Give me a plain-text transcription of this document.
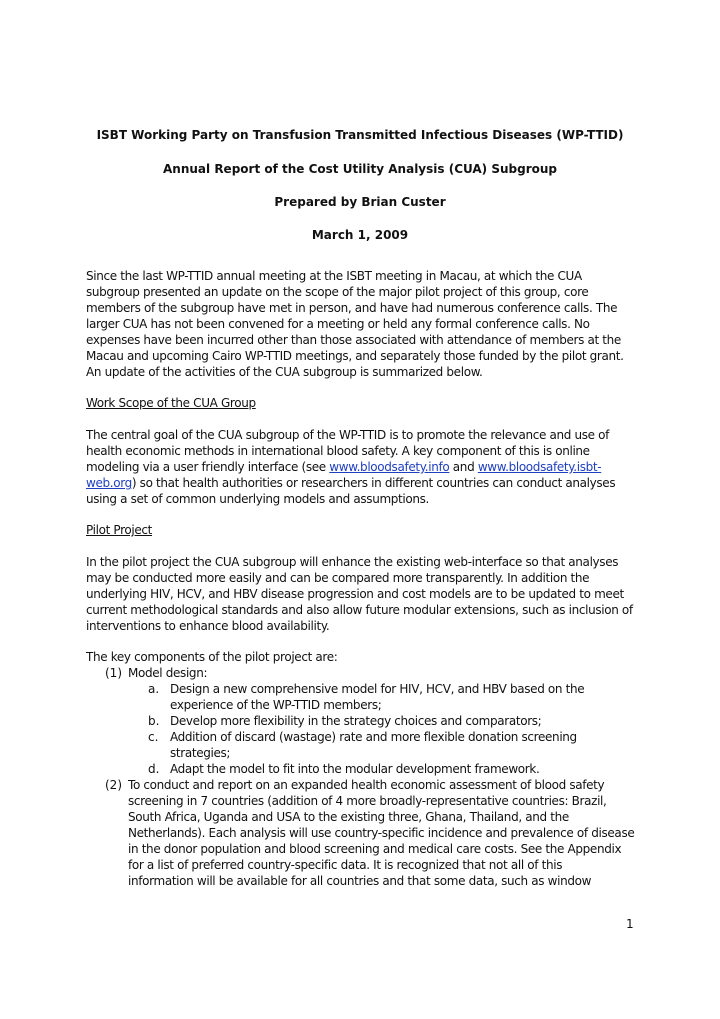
ISBT Working Party on Transfusion Transmitted Infectious Diseases (WP-TTID)
Annual Report of the Cost Utility Analysis (CUA) Subgroup
Prepared by Brian Custer
March 1, 2009
Since the last WP-TTID annual meeting at the ISBT meeting in Macau, at which the CUA
subgroup presented an update on the scope of the major pilot project of this group, core
members of the subgroup have met in person, and have had numerous conference calls. The
larger CUA has not been convened for a meeting or held any formal conference calls. No
expenses have been incurred other than those associated with attendance of members at the
Macau and upcoming Cairo WP-TTID meetings, and separately those funded by the pilot grant.
An update of the activities of the CUA subgroup is summarized below.
Work Scope of the CUA Group
The central goal of the CUA subgroup of the WP-TTID is to promote the relevance and use of
health economic methods in international blood safety. A key component of this is online
modeling via a user friendly interface (see www.bloodsafety.info and www.bloodsafety.isbt-
web.org) so that health authorities or researchers in different countries can conduct analyses
using a set of common underlying models and assumptions.
Pilot Project
In the pilot project the CUA subgroup will enhance the existing web-interface so that analyses
may be conducted more easily and can be compared more transparently. In addition the
underlying HIV, HCV, and HBV disease progression and cost models are to be updated to meet
current methodological standards and also allow future modular extensions, such as inclusion of
interventions to enhance blood availability.
The key components of the pilot project are:
(1) Model design:
a. Design a new comprehensive model for HIV, HCV, and HBV based on the
experience of the WP-TTID members;
b. Develop more flexibility in the strategy choices and comparators;
c. Addition of discard (wastage) rate and more flexible donation screening
strategies;
d. Adapt the model to fit into the modular development framework.
(2) To conduct and report on an expanded health economic assessment of blood safety
screening in 7 countries (addition of 4 more broadly-representative countries: Brazil,
South Africa, Uganda and USA to the existing three, Ghana, Thailand, and the
Netherlands). Each analysis will use country-specific incidence and prevalence of disease
in the donor population and blood screening and medical care costs. See the Appendix
for a list of preferred country-specific data. It is recognized that not all of this
information will be available for all countries and that some data, such as window
1
